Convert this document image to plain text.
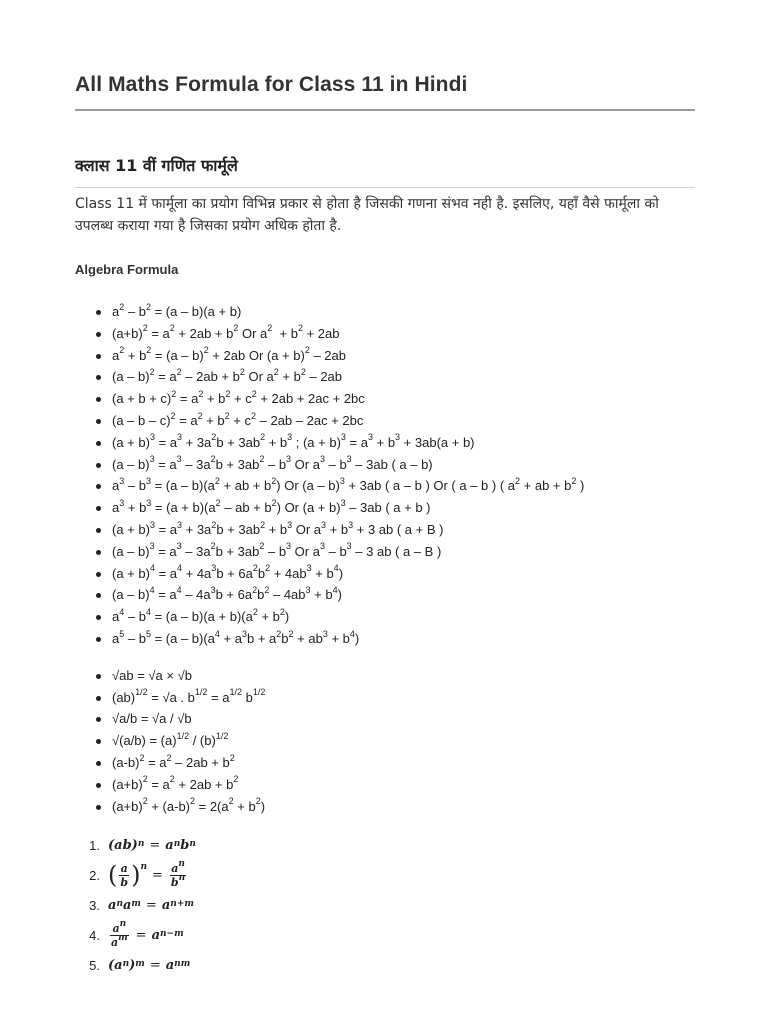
All Maths Formula for Class 11 in Hindi
क्लास 11 वीं गणित फार्मूले

Class 11 में फार्मूला का प्रयोग विभिन्न प्रकार से होता है जिसकी गणना संभव नही है. इसलिए, यहाँ वैसे फार्मूला को उपलब्ध कराया गया है जिसका प्रयोग अधिक होता है.

Algebra Formula
$a^2 - b^2 = (a - b)(a + b)$
$(a+b)^2 = a^2 + 2ab + b^2$ Or $a^2 + b^2 + 2ab$
$a^2 + b^2 = (a - b)^2 + 2ab$ Or $(a + b)^2 - 2ab$
$(a - b)^2 = a^2 - 2ab + b^2$ Or $a^2 + b^2 - 2ab$
$(a + b + c)^2 = a^2 + b^2 + c^2 + 2ab + 2ac + 2bc$
$(a - b - c)^2 = a^2 + b^2 + c^2 - 2ab - 2ac + 2bc$
$(a + b)^3 = a^3 + 3a^2b + 3ab^2 + b^3$ ; $(a + b)^3 = a^3 + b^3 + 3ab(a + b)$
$(a - b)^3 = a^3 - 3a^2b + 3ab^2 - b^3$ Or $a^3 - b^3 - 3ab$ ( a – b)
$a^3 - b^3 = (a - b)(a^2$ + ab + $b^2$) Or (a – b)$^3$ + 3ab ( a – b ) Or ( a – b ) ( $a^2$ + ab + $b^2$ )
$a^3 + b^3 = (a + b)(a^2$ – ab + $b^2$) Or $(a + b)^3 - 3ab$ ( a + b )
$(a + b)^3 = a^3 + 3a^2b + 3ab^2 + b^3$ Or $a^3 + b^3 + 3$ ab ( a + B )
$(a - b)^3 = a^3 - 3a^2b + 3ab^2 - b^3$ Or $a^3 - b^3 - 3$ ab ( a – B )
$(a + b)^4 = a^4 + 4a^3b + 6a^2b^2 + 4ab^3 + b^4$)
$(a - b)^4 = a^4 - 4a^3b + 6a^2b^2 - 4ab^3 + b^4$)
$a^4 - b^4 = (a - b)(a + b)(a^2 + b^2)$
$a^5 - b^5 = (a - b)(a^4 + a^3b + a^2b^2 + ab^3 + b^4)$
√ab = √a × √b
(ab)$^{1/2}$ = √a . $b^{1/2} = a^{1/2}$ $b^{1/2}$
√a/b = √a / √b
$√(a/b) = (a)^{1/2} / (b)^{1/2}$
$(a-b)^2 = a^2 - 2ab + b^2$
$(a+b)^2 = a^2 + 2ab + b^2$
$(a+b)^2 + (a-b)^2 = 2(a^2 + b^2)$
1. $(ab)^n = a^n$ $b^n$
2. ( $\frac{a}{b} )^n$
= $\frac{a^n}{b^n}$
3. $a^n$ $a^m = a^{n+m}$
4. $\frac{a^n}{a^m} = a^{n-m}$
5. ($a^n$ )$^m = a^{nm}$
